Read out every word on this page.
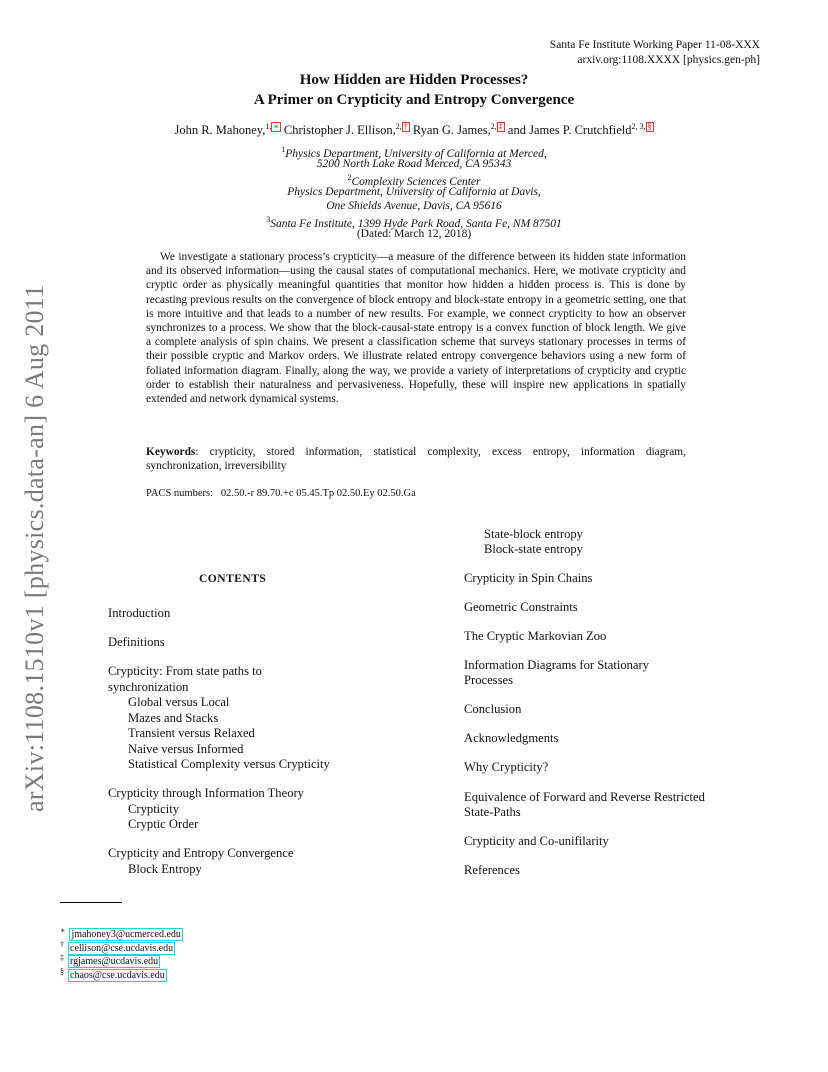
Santa Fe Institute Working Paper 11-08-XXX
arxiv.org:1108.XXXX [physics.gen-ph]
How Hidden are Hidden Processes?
A Primer on Crypticity and Entropy Convergence
John R. Mahoney,$^{1,}$ ∗ Christopher J. Ellison,$^{2,}$ † Ryan G. James,$^{2,}$ ‡ and James P. Crutchfield$^{2, 3,}$ §
$^1$Physics Department, University of California at Merced,
5200 North Lake Road Merced, CA 95343
$^2$Complexity Sciences Center
Physics Department, University of California at Davis,
One Shields Avenue, Davis, CA 95616
$^3$Santa Fe Institute, 1399 Hyde Park Road, Santa Fe, NM 87501
(Dated: March 12, 2018)
We investigate a stationary process’s crypticity—a measure of the difference between its hidden state information and its observed information—using the causal states of computational mechanics. Here, we motivate crypticity and cryptic order as physically meaningful quantities that monitor how hidden a hidden process is. This is done by recasting previous results on the convergence of block entropy and block-state entropy in a geometric setting, one that is more intuitive and that leads to a number of new results. For example, we connect crypticity to how an observer synchronizes to a process. We show that the block-causal-state entropy is a convex function of block length. We give a complete analysis of spin chains. We present a classification scheme that surveys stationary processes in terms of their possible cryptic and Markov orders. We illustrate related entropy convergence behaviors using a new form of foliated information diagram. Finally, along the way, we provide a variety of interpretations of crypticity and cryptic order to establish their naturalness and pervasiveness. Hopefully, these will inspire new applications in spatially extended and network dynamical systems.
Keywords: crypticity, stored information, statistical complexity, excess entropy, information diagram, synchronization, irreversibility
PACS numbers:   02.50.-r 89.70.+c 05.45.Tp 02.50.Ey 02.50.Ga
arXiv:1108.1510v1 [physics.data-an] 6 Aug 2011	CONTENTS
Introduction
Definitions
Crypticity: From state paths to
synchronization
Global versus Local
Mazes and Stacks
Transient versus Relaxed
Naive versus Informed
Statistical Complexity versus Crypticity
Crypticity through Information Theory
Crypticity
Cryptic Order
Crypticity and Entropy Convergence
Block Entropy
State-block entropy
Block-state entropy
Crypticity in Spin Chains
Geometric Constraints
The Cryptic Markovian Zoo
Information Diagrams for Stationary
Processes
Conclusion
Acknowledgments
Why Crypticity?
Equivalence of Forward and Reverse Restricted
State-Paths
Crypticity and Co-unifilarity
References
∗ jmahoney3@ucmerced.edu
† cellison@cse.ucdavis.edu
‡ rgjames@ucdavis.edu
§ chaos@cse.ucdavis.edu
